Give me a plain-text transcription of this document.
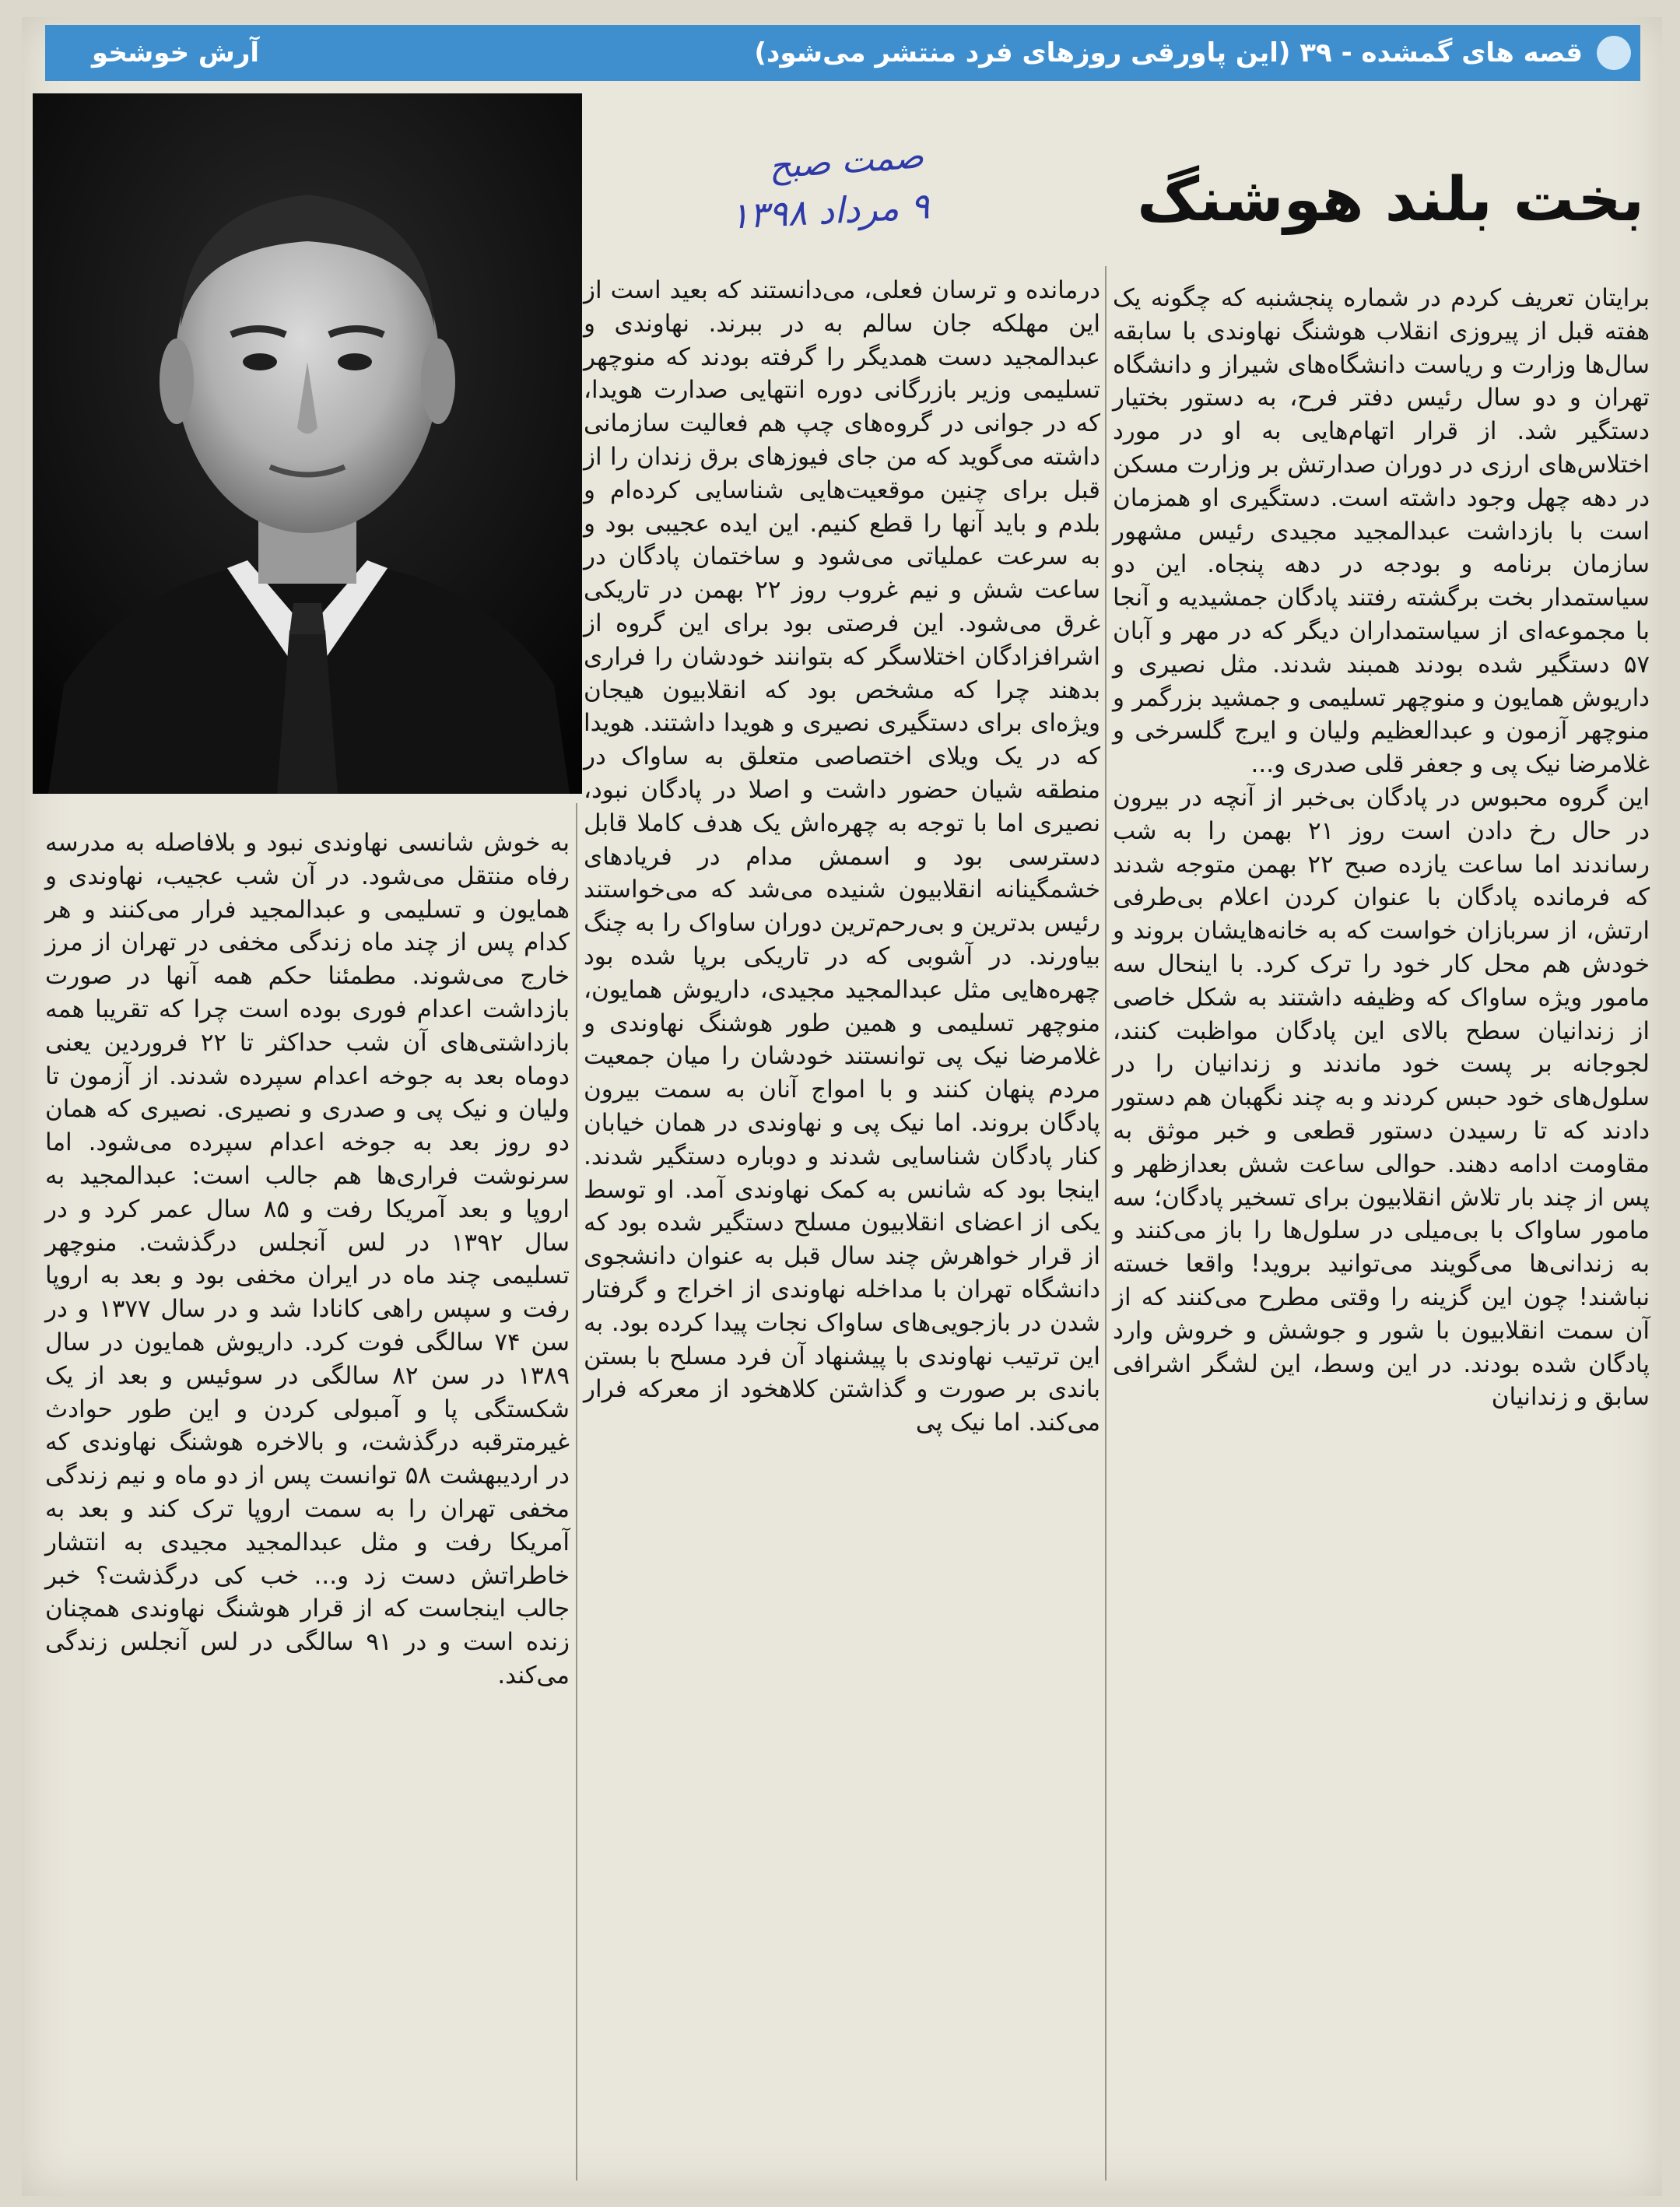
قصه های گمشده - ۳۹ (این پاورقی روزهای فرد منتشر می‌شود)
آرش خوشخو
صمت صبح
۹ مرداد ۱۳۹۸	بخت بلند هوشنگ

برایتان تعریف کردم در شماره پنجشنبه که چگونه یک هفته قبل از پیروزی انقلاب هوشنگ نهاوندی با سابقه سال‌ها وزارت و ریاست دانشگاه‌های شیراز و دانشگاه تهران و دو سال رئیس دفتر فرح، به دستور بختیار دستگیر شد. از قرار اتهام‌هایی به او در مورد اختلاس‌های ارزی در دوران صدارتش بر وزارت مسکن در دهه چهل وجود داشته است. دستگیری او همزمان است با بازداشت عبدالمجید مجیدی رئیس مشهور سازمان برنامه و بودجه در دهه پنجاه. این دو سیاستمدار بخت برگشته رفتند پادگان جمشیدیه و آنجا با مجموعه‌ای از سیاستمداران دیگر که در مهر و آبان ۵۷ دستگیر شده بودند همبند شدند. مثل نصیری و داریوش همایون و منوچهر تسلیمی و جمشید بزرگمر و منوچهر آزمون و عبدالعظیم ولیان و ایرج گلسرخی و غلامرضا نیک پی و جعفر قلی صدری و...

این گروه محبوس در پادگان بی‌خبر از آنچه در بیرون در حال رخ دادن است روز ۲۱ بهمن را به شب رساندند اما ساعت یازده صبح ۲۲ بهمن متوجه شدند که فرمانده پادگان با عنوان کردن اعلام بی‌طرفی ارتش، از سربازان خواست که به خانه‌هایشان بروند و خودش هم محل کار خود را ترک کرد. با اینحال سه مامور ویژه ساواک که وظیفه داشتند به شکل خاصی از زندانیان سطح بالای این پادگان مواظبت کنند، لجوجانه بر پست خود ماندند و زندانیان را در سلول‌های خود حبس کردند و به چند نگهبان هم دستور دادند که تا رسیدن دستور قطعی و خبر موثق به مقاومت ادامه دهند. حوالی ساعت شش بعدازظهر و پس از چند بار تلاش انقلابیون برای تسخیر پادگان؛ سه مامور ساواک با بی‌میلی در سلول‌ها را باز می‌کنند و به زندانی‌ها می‌گویند می‌توانید بروید! واقعا خسته نباشند! چون این گزینه را وقتی مطرح می‌کنند که از آن سمت انقلابیون با شور و جوشش و خروش وارد پادگان شده بودند. در این وسط، این لشگر اشرافی سابق و زندانیان

درمانده و ترسان فعلی، می‌دانستند که بعید است از این مهلکه جان سالم به در ببرند. نهاوندی و عبدالمجید دست همدیگر را گرفته بودند که منوچهر تسلیمی وزیر بازرگانی دوره انتهایی صدارت هویدا، که در جوانی در گروه‌های چپ هم فعالیت سازمانی داشته می‌گوید که من جای فیوزهای برق زندان را از قبل برای چنین موقعیت‌هایی شناسایی کرده‌ام و بلدم و باید آنها را قطع کنیم. این ایده عجیبی بود و به سرعت عملیاتی می‌شود و ساختمان پادگان در ساعت شش و نیم غروب روز ۲۲ بهمن در تاریکی غرق می‌شود. این فرصتی بود برای این گروه از اشرافزادگان اختلاسگر که بتوانند خودشان را فراری بدهند چرا که مشخص بود که انقلابیون هیجان ویژه‌ای برای دستگیری نصیری و هویدا داشتند. هویدا که در یک ویلای اختصاصی متعلق به ساواک در منطقه شیان حضور داشت و اصلا در پادگان نبود، نصیری اما با توجه به چهره‌اش یک هدف کاملا قابل دسترسی بود و اسمش مدام در فریادهای خشمگینانه انقلابیون شنیده می‌شد که می‌خواستند رئیس بدترین و بی‌رحم‌ترین دوران ساواک را به چنگ بیاورند. در آشوبی که در تاریکی برپا شده بود چهره‌هایی مثل عبدالمجید مجیدی، داریوش همایون، منوچهر تسلیمی و همین طور هوشنگ نهاوندی و غلامرضا نیک پی توانستند خودشان را میان جمعیت مردم پنهان کنند و با امواج آنان به سمت بیرون پادگان بروند. اما نیک پی و نهاوندی در همان خیابان کنار پادگان شناسایی شدند و دوباره دستگیر شدند. اینجا بود که شانس به کمک نهاوندی آمد. او توسط یکی از اعضای انقلابیون مسلح دستگیر شده بود که از قرار خواهرش چند سال قبل به عنوان دانشجوی دانشگاه تهران با مداخله نهاوندی از اخراج و گرفتار شدن در بازجویی‌های ساواک نجات پیدا کرده بود. به این ترتیب نهاوندی با پیشنهاد آن فرد مسلح با بستن باندی بر صورت و گذاشتن کلاهخود از معرکه فرار می‌کند. اما نیک پی

به خوش شانسی نهاوندی نبود و بلافاصله به مدرسه رفاه منتقل می‌شود. در آن شب عجیب، نهاوندی و همایون و تسلیمی و عبدالمجید فرار می‌کنند و هر کدام پس از چند ماه زندگی مخفی در تهران از مرز خارج می‌شوند. مطمئنا حکم همه آنها در صورت بازداشت اعدام فوری بوده است چرا که تقریبا همه بازداشتی‌های آن شب حداکثر تا ۲۲ فروردین یعنی دوماه بعد به جوخه اعدام سپرده شدند. از آزمون تا ولیان و نیک پی و صدری و نصیری. نصیری که همان دو روز بعد به جوخه اعدام سپرده می‌شود. اما سرنوشت فراری‌ها هم جالب است: عبدالمجید به اروپا و بعد آمریکا رفت و ۸۵ سال عمر کرد و در سال ۱۳۹۲ در لس آنجلس درگذشت. منوچهر تسلیمی چند ماه در ایران مخفی بود و بعد به اروپا رفت و سپس راهی کانادا شد و در سال ۱۳۷۷ و در سن ۷۴ سالگی فوت کرد. داریوش همایون در سال ۱۳۸۹ در سن ۸۲ سالگی در سوئیس و بعد از یک شکستگی پا و آمبولی کردن و این طور حوادث غیرمترقبه درگذشت، و بالاخره هوشنگ نهاوندی که در اردیبهشت ۵۸ توانست پس از دو ماه و نیم زندگی مخفی تهران را به سمت اروپا ترک کند و بعد به آمریکا رفت و مثل عبدالمجید مجیدی به انتشار خاطراتش دست زد و... خب کی درگذشت؟ خبر جالب اینجاست که از قرار هوشنگ نهاوندی همچنان زنده است و در ۹۱ سالگی در لس آنجلس زندگی می‌کند.
